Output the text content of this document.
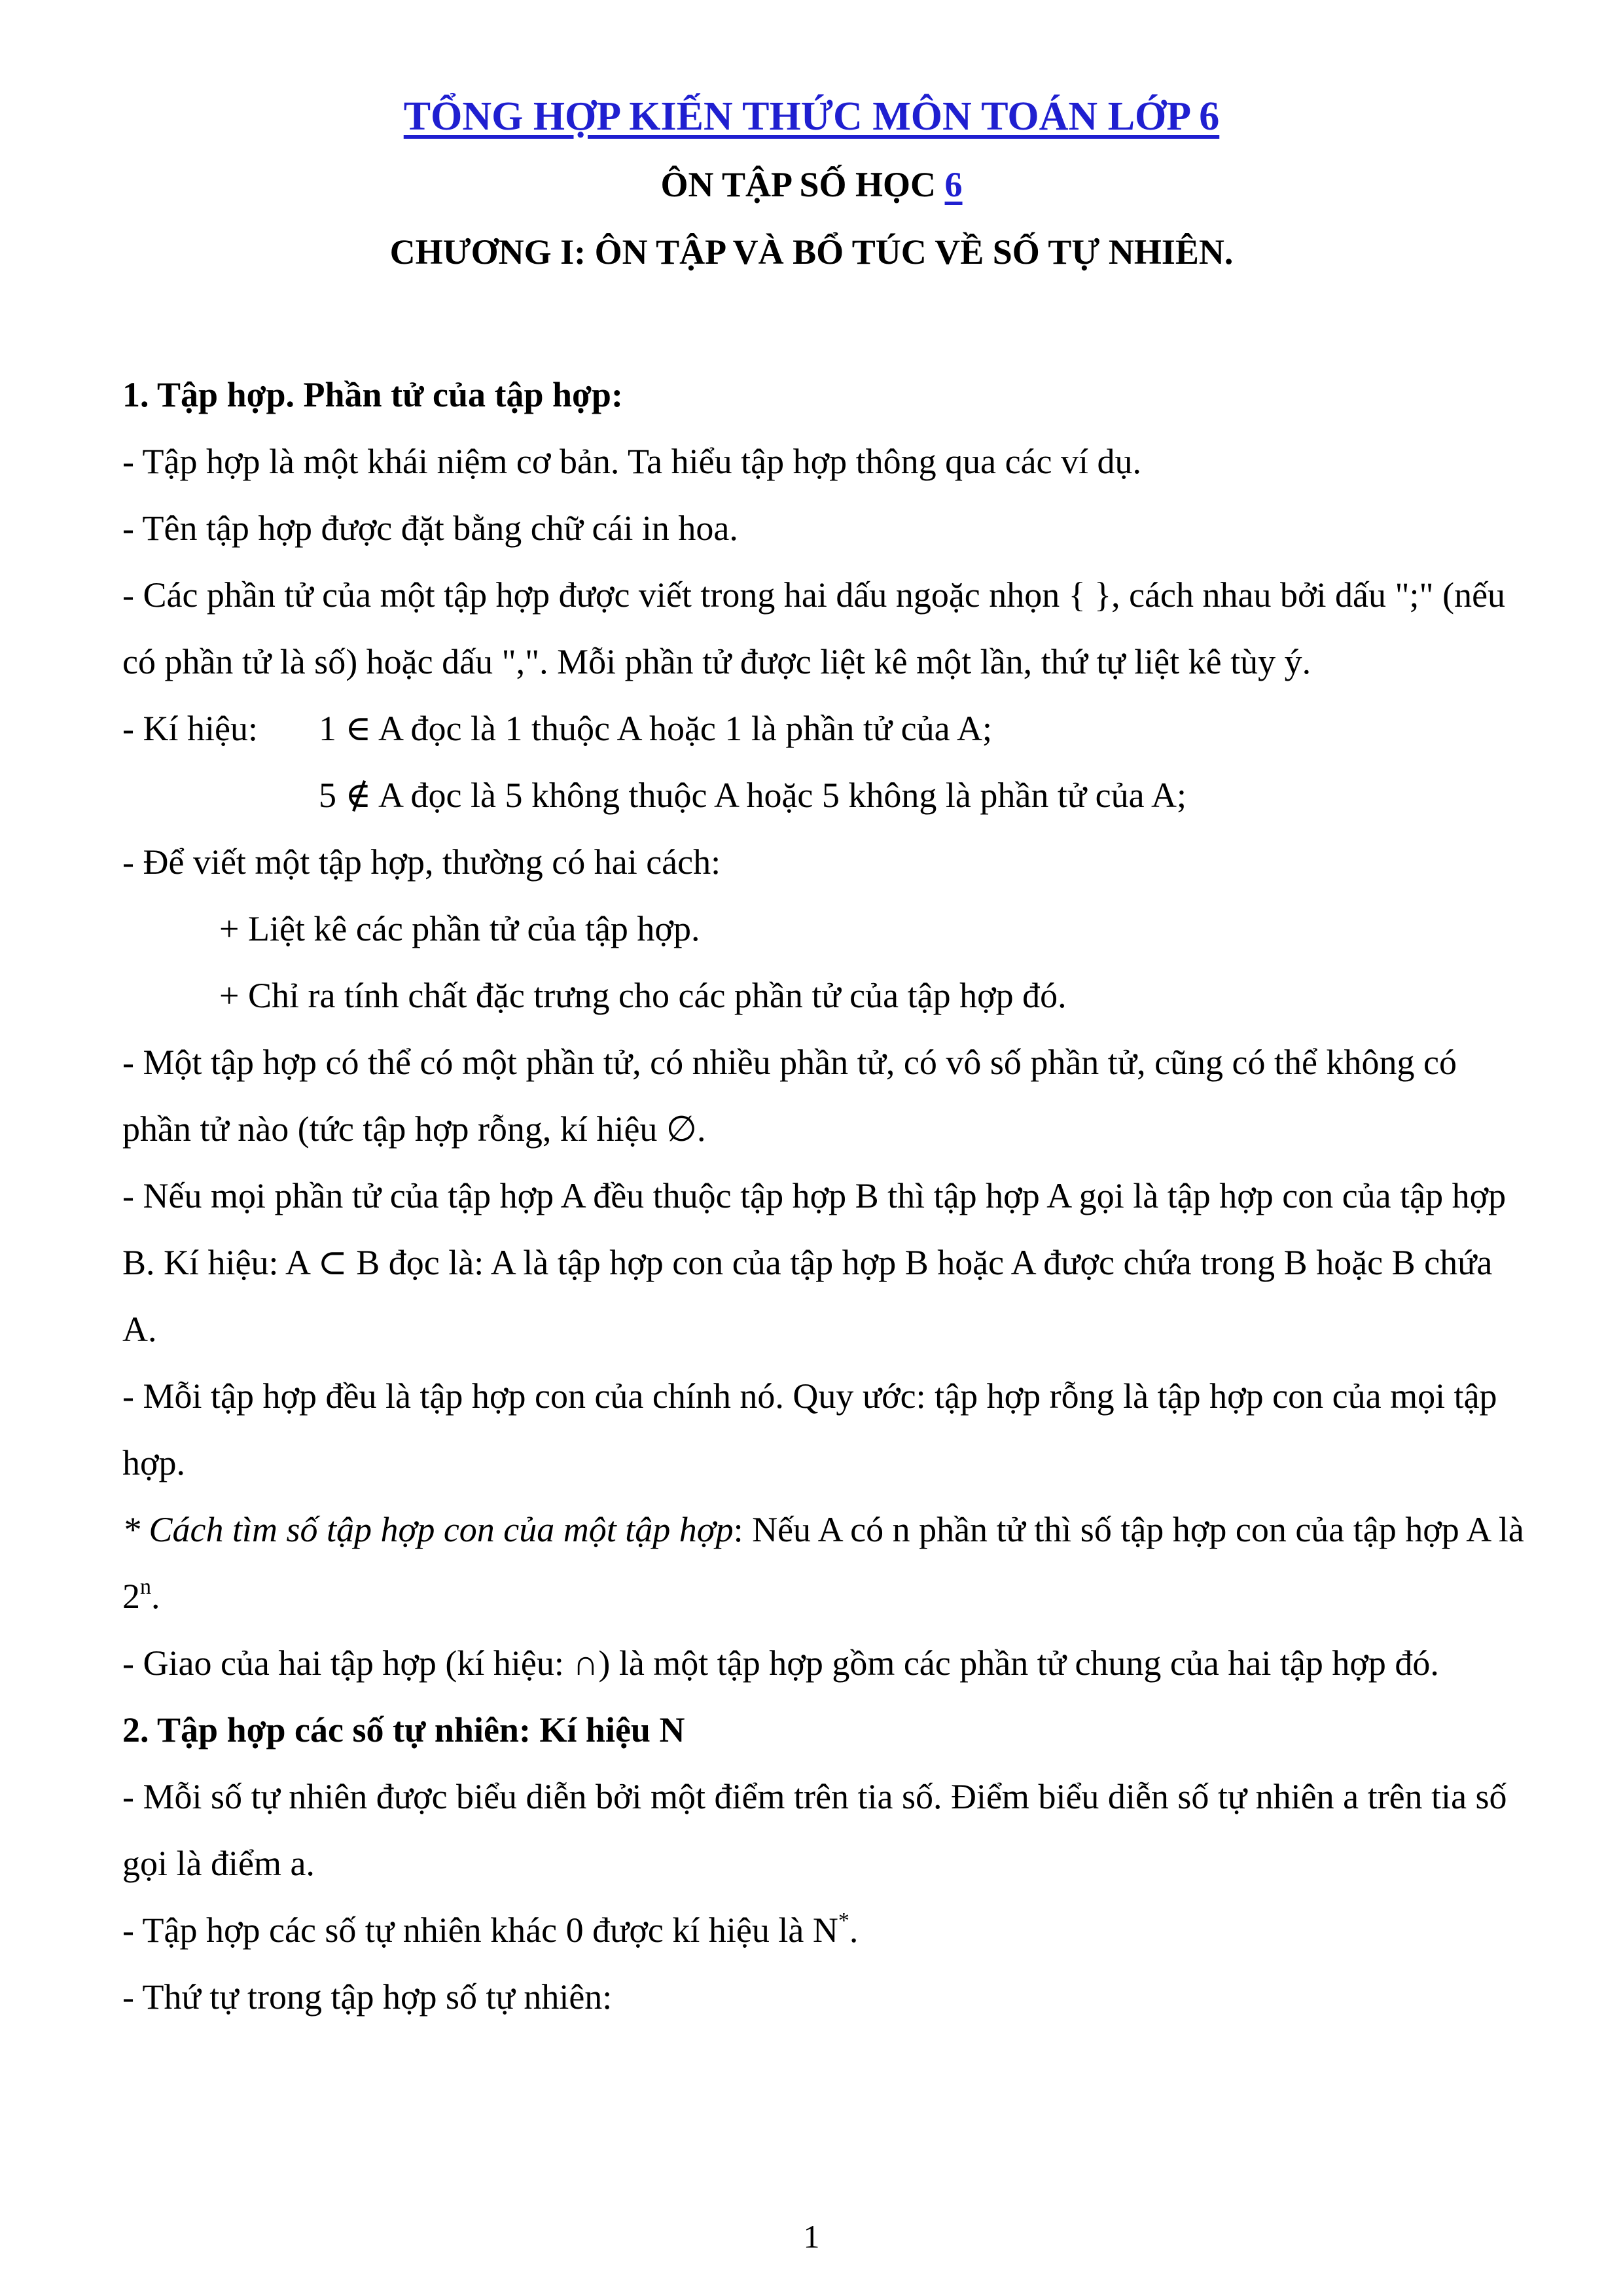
TỔNG HỢP KIẾN THỨC MÔN TOÁN LỚP 6
ÔN TẬP SỐ HỌC 6
CHƯƠNG I: ÔN TẬP VÀ BỔ TÚC VỀ SỐ TỰ NHIÊN.

1. Tập hợp. Phần tử của tập hợp:

- Tập hợp là một khái niệm cơ bản. Ta hiểu tập hợp thông qua các ví dụ.

- Tên tập hợp được đặt bằng chữ cái in hoa.

- Các phần tử của một tập hợp được viết trong hai dấu ngoặc nhọn { }, cách nhau bởi dấu ";" (nếu có phần tử là số) hoặc dấu ",". Mỗi phần tử được liệt kê một lần, thứ tự liệt kê tùy ý.

- Kí hiệu: 1 ∈ A đọc là 1 thuộc A hoặc 1 là phần tử của A;

5 ∉ A đọc là 5 không thuộc A hoặc 5 không là phần tử của A;

- Để viết một tập hợp, thường có hai cách:

+ Liệt kê các phần tử của tập hợp.

+ Chỉ ra tính chất đặc trưng cho các phần tử của tập hợp đó.

- Một tập hợp có thể có một phần tử, có nhiều phần tử, có vô số phần tử, cũng có thể không có phần tử nào (tức tập hợp rỗng, kí hiệu ∅.

- Nếu mọi phần tử của tập hợp A đều thuộc tập hợp B thì tập hợp A gọi là tập hợp con của tập hợp B. Kí hiệu: A ⊂ B đọc là: A là tập hợp con của tập hợp B hoặc A được chứa trong B hoặc B chứa A.

- Mỗi tập hợp đều là tập hợp con của chính nó. Quy ước: tập hợp rỗng là tập hợp con của mọi tập hợp.

* Cách tìm số tập hợp con của một tập hợp: Nếu A có n phần tử thì số tập hợp con của tập hợp A là 2$^n$.

- Giao của hai tập hợp (kí hiệu: ∩) là một tập hợp gồm các phần tử chung của hai tập hợp đó.

2. Tập hợp các số tự nhiên: Kí hiệu N

- Mỗi số tự nhiên được biểu diễn bởi một điểm trên tia số. Điểm biểu diễn số tự nhiên a trên tia số gọi là điểm a.

- Tập hợp các số tự nhiên khác 0 được kí hiệu là N*.

- Thứ tự trong tập hợp số tự nhiên:

1
